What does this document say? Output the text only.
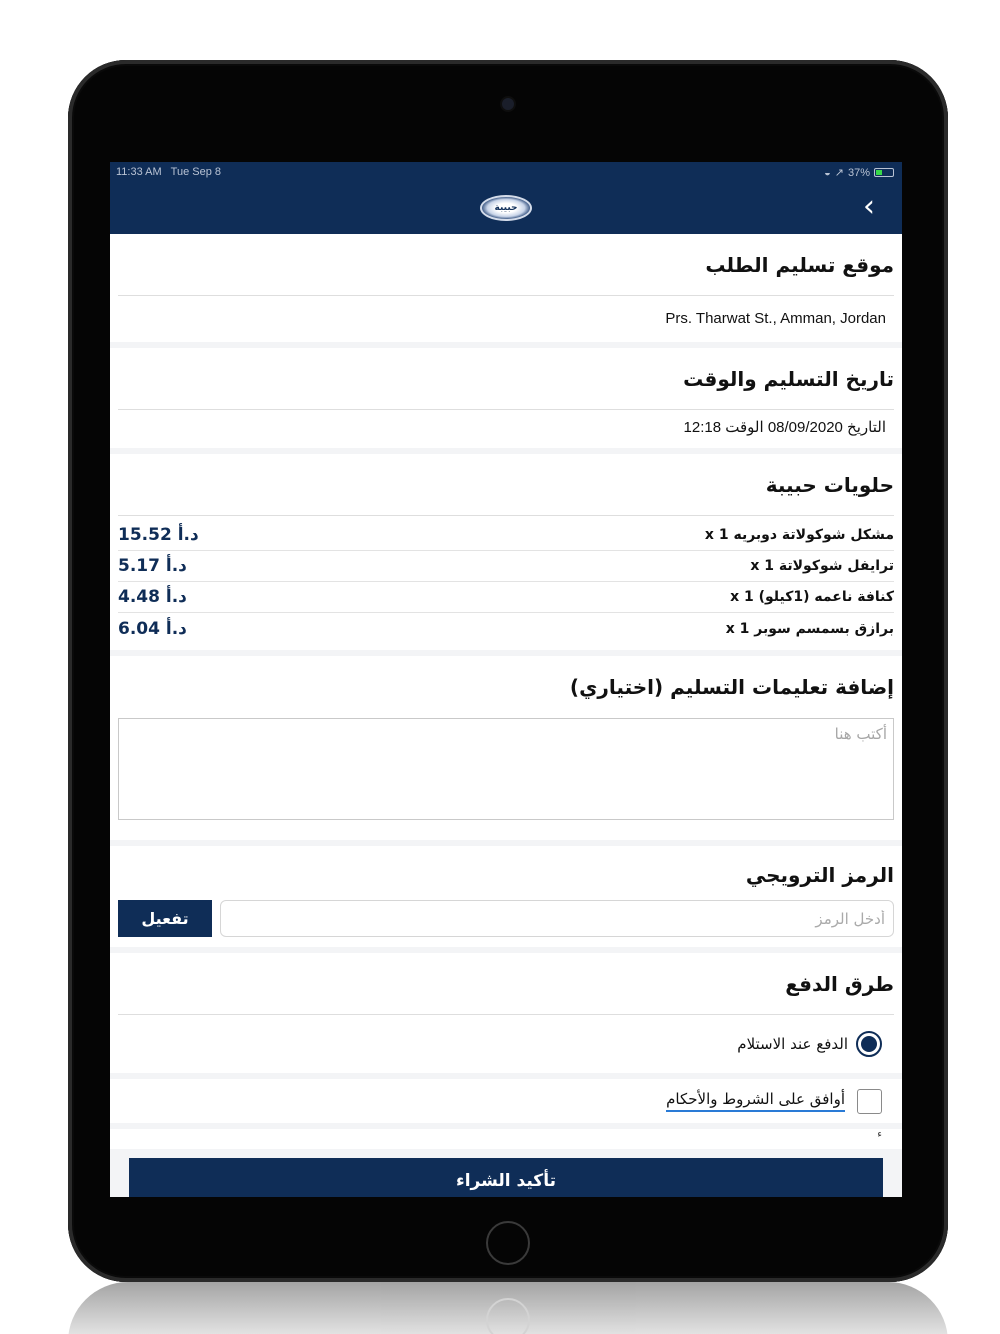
11:33 AM Tue Sep 8	◒ ↗ 37%
›
حبيبة
موقع تسليم الطلب
Prs. Tharwat St., Amman, Jordan
تاريخ التسليم والوقت
التاريخ 08/09/2020 الوقت 12:18
حلويات حبيبة
مشكل شوكولاتة دوبريه x 1
15.52 د.أ
ترايفل شوكولاتة x 1
5.17 د.أ
كنافة ناعمه (1كيلو) x 1
4.48 د.أ
برازق بسمسم سوبر x 1
6.04 د.أ
إضافة تعليمات التسليم (اختياري)
أكتب هنا
الرمز الترويجي
أدخل الرمز
تفعيل
طرق الدفع
الدفع عند الاستلام
أوافق على الشروط والأحكام
ء
تأكيد الشراء
